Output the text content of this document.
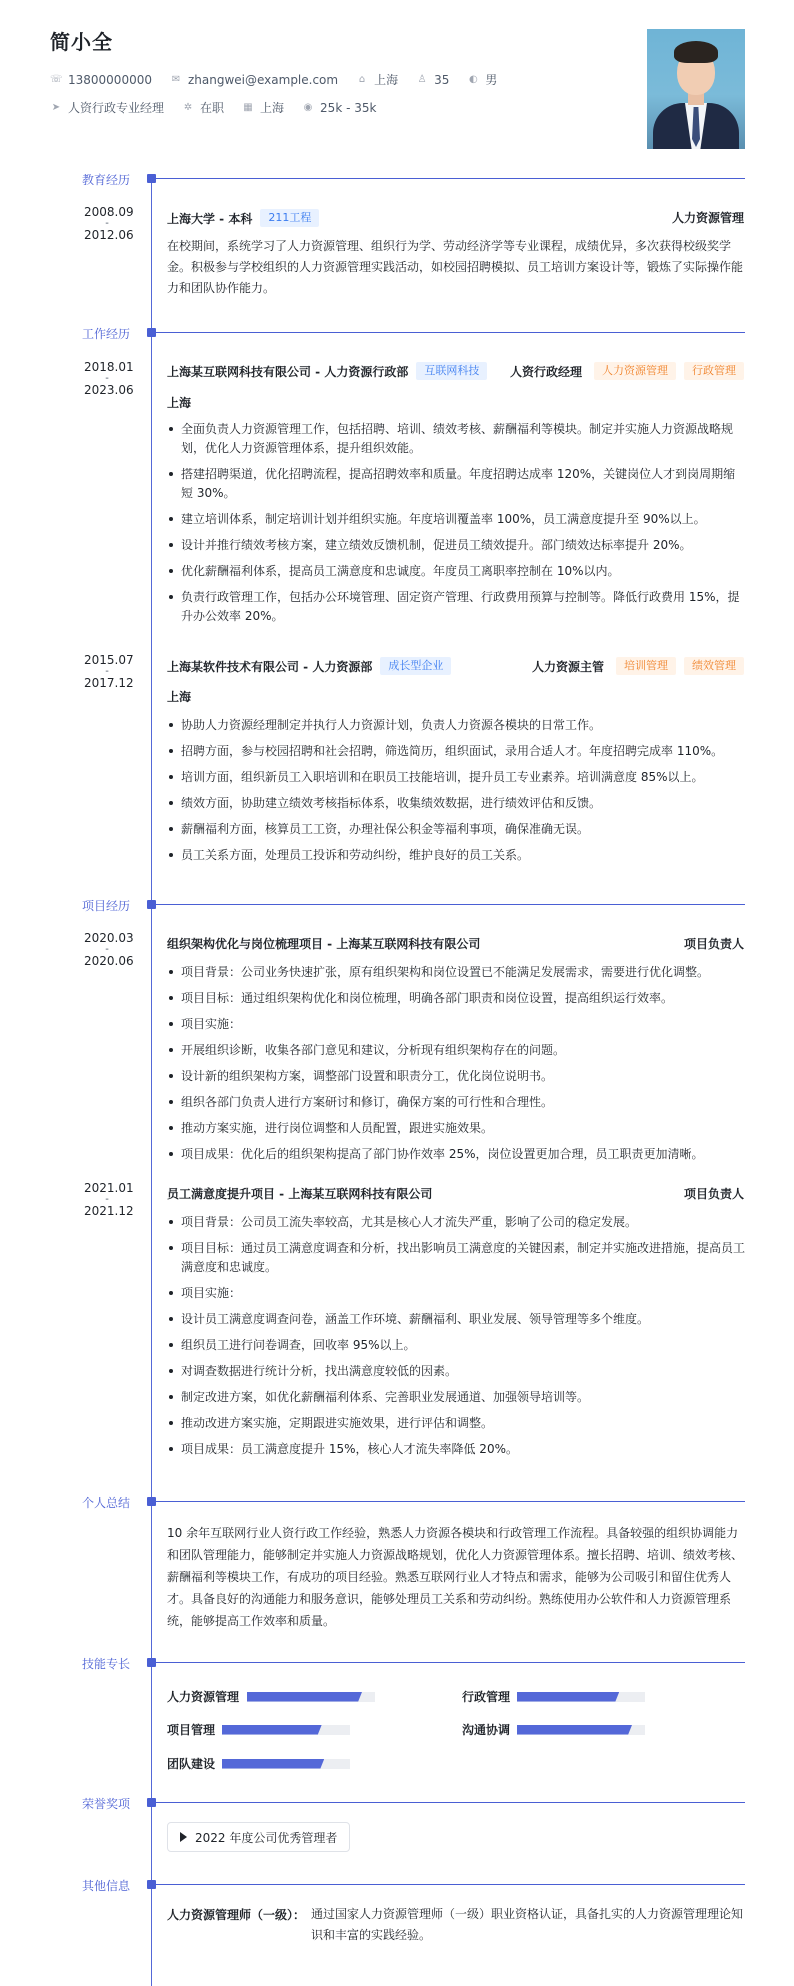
简小全
☏ 13800000000 ✉ zhangwei@example.com ⌂ 上海 ♙ 35 ◐ 男
➤ 人资行政专业经理 ✲ 在职 ▦ 上海 ◉ 25k - 35k
教育经历
2008.09
-
2012.06
上海大学 - 本科	211工程	人力资源管理
在校期间，系统学习了人力资源管理、组织行为学、劳动经济学等专业课程，成绩优异，多次获得校级奖学金。积极参与学校组织的人力资源管理实践活动，如校园招聘模拟、员工培训方案设计等，锻炼了实际操作能力和团队协作能力。
工作经历
2018.01
-
2023.06
上海某互联网科技有限公司 - 人力资源行政部	互联网科技	人资行政经理	人力资源管理	行政管理
上海
全面负责人力资源管理工作，包括招聘、培训、绩效考核、薪酬福利等模块。制定并实施人力资源战略规划，优化人力资源管理体系，提升组织效能。
搭建招聘渠道，优化招聘流程，提高招聘效率和质量。年度招聘达成率 120%，关键岗位人才到岗周期缩短 30%。
建立培训体系，制定培训计划并组织实施。年度培训覆盖率 100%，员工满意度提升至 90%以上。
设计并推行绩效考核方案，建立绩效反馈机制，促进员工绩效提升。部门绩效达标率提升 20%。
优化薪酬福利体系，提高员工满意度和忠诚度。年度员工离职率控制在 10%以内。
负责行政管理工作，包括办公环境管理、固定资产管理、行政费用预算与控制等。降低行政费用 15%，提升办公效率 20%。
2015.07
-
2017.12
上海某软件技术有限公司 - 人力资源部	成长型企业	人力资源主管	培训管理	绩效管理
上海
协助人力资源经理制定并执行人力资源计划，负责人力资源各模块的日常工作。
招聘方面，参与校园招聘和社会招聘，筛选简历，组织面试，录用合适人才。年度招聘完成率 110%。
培训方面，组织新员工入职培训和在职员工技能培训，提升员工专业素养。培训满意度 85%以上。
绩效方面，协助建立绩效考核指标体系，收集绩效数据，进行绩效评估和反馈。
薪酬福利方面，核算员工工资，办理社保公积金等福利事项，确保准确无误。
员工关系方面，处理员工投诉和劳动纠纷，维护良好的员工关系。
项目经历
2020.03
-
2020.06
组织架构优化与岗位梳理项目 - 上海某互联网科技有限公司	项目负责人
项目背景：公司业务快速扩张，原有组织架构和岗位设置已不能满足发展需求，需要进行优化调整。
项目目标：通过组织架构优化和岗位梳理，明确各部门职责和岗位设置，提高组织运行效率。
项目实施：
开展组织诊断，收集各部门意见和建议，分析现有组织架构存在的问题。
设计新的组织架构方案，调整部门设置和职责分工，优化岗位说明书。
组织各部门负责人进行方案研讨和修订，确保方案的可行性和合理性。
推动方案实施，进行岗位调整和人员配置，跟进实施效果。
项目成果：优化后的组织架构提高了部门协作效率 25%，岗位设置更加合理，员工职责更加清晰。
2021.01
-
2021.12
员工满意度提升项目 - 上海某互联网科技有限公司	项目负责人
项目背景：公司员工流失率较高，尤其是核心人才流失严重，影响了公司的稳定发展。
项目目标：通过员工满意度调查和分析，找出影响员工满意度的关键因素，制定并实施改进措施，提高员工满意度和忠诚度。
项目实施：
设计员工满意度调查问卷，涵盖工作环境、薪酬福利、职业发展、领导管理等多个维度。
组织员工进行问卷调查，回收率 95%以上。
对调查数据进行统计分析，找出满意度较低的因素。
制定改进方案，如优化薪酬福利体系、完善职业发展通道、加强领导培训等。
推动改进方案实施，定期跟进实施效果，进行评估和调整。
项目成果：员工满意度提升 15%，核心人才流失率降低 20%。
个人总结
10 余年互联网行业人资行政工作经验，熟悉人力资源各模块和行政管理工作流程。具备较强的组织协调能力和团队管理能力，能够制定并实施人力资源战略规划，优化人力资源管理体系。擅长招聘、培训、绩效考核、薪酬福利等模块工作，有成功的项目经验。熟悉互联网行业人才特点和需求，能够为公司吸引和留住优秀人才。具备良好的沟通能力和服务意识，能够处理员工关系和劳动纠纷。熟练使用办公软件和人力资源管理系统，能够提高工作效率和质量。
技能专长
人力资源管理	行政管理
项目管理	沟通协调
团队建设
荣誉奖项
2022 年度公司优秀管理者
其他信息
人力资源管理师（一级）： 通过国家人力资源管理师（一级）职业资格认证，具备扎实的人力资源管理理论知识和丰富的实践经验。
